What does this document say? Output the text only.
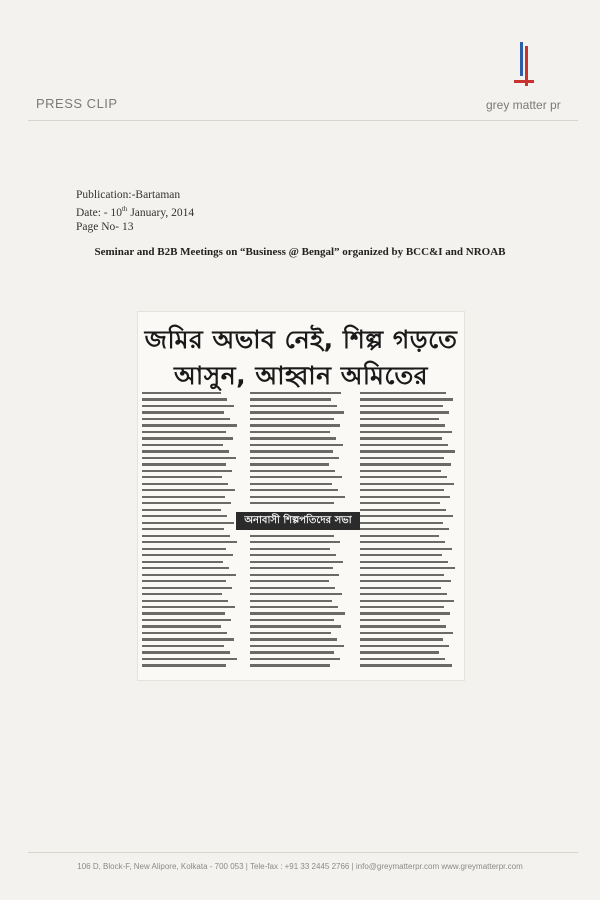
PRESS CLIP	grey matter pr
Publication:-Bartaman
Date: - 10th January, 2014
Page No- 13
Seminar and B2B Meetings on “Business @ Bengal” organized by BCC&I and NROAB
জমির অভাব নেই, শিল্প গড়তে
আসুন, আহ্বান অমিতের
অনাবাসী শিল্পপতিদের সভা
106 D, Block-F, New Alipore, Kolkata - 700 053 | Tele-fax : +91 33 2445 2766 | info@greymatterpr.com www.greymatterpr.com
